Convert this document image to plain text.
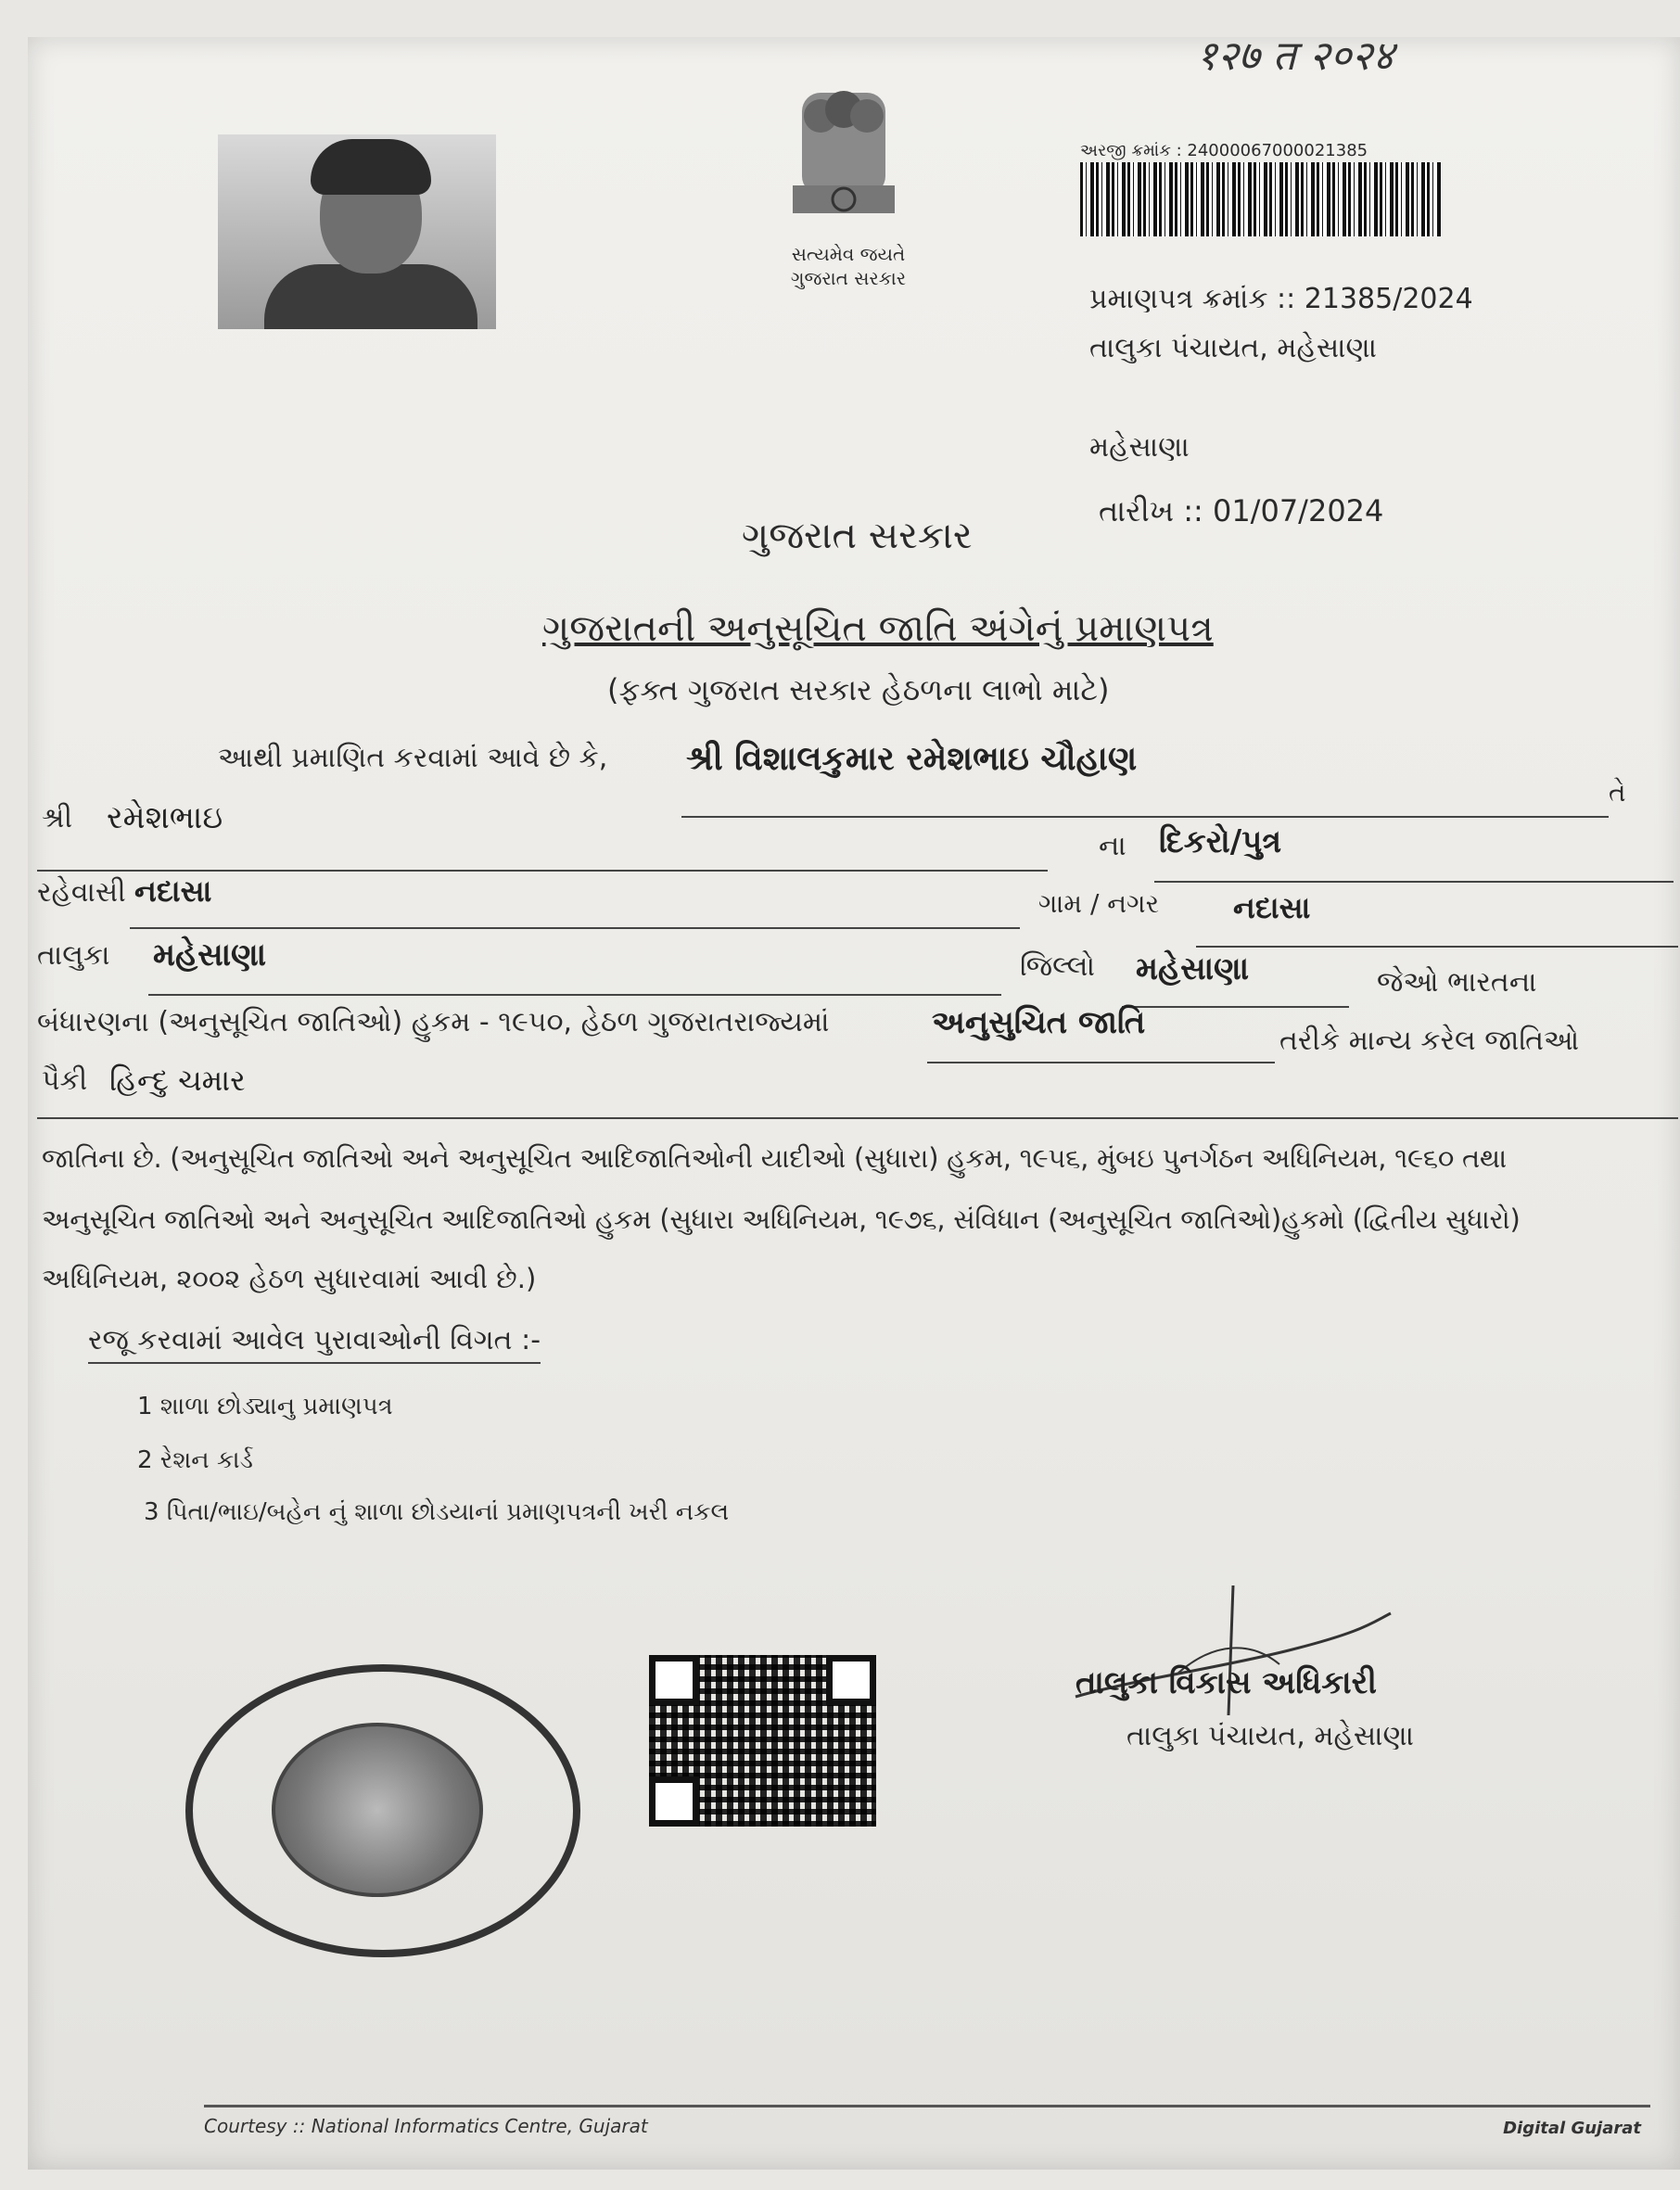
१२७ त २०२४
સત્યમેવ જયતે
ગુજરાત સરકાર
અરજી ક્રમાંક : 24000067000021385
પ્રમાણપત્ર ક્રમાંક :: 21385/2024
તાલુકા પંચાયત, મહેસાણા
મહેસાણા
તારીખ :: 01/07/2024
ગુજરાત સરકાર
ગુજરાતની અનુસૂચિત જાતિ અંગેનું પ્રમાણપત્ર
(ફક્ત ગુજરાત સરકાર હેઠળના લાભો માટે)
આથી પ્રમાણિત કરવામાં આવે છે કે, શ્રી વિશાલકુમાર રમેશભાઇ ચૌહાણ
તે
શ્રી રમેશભાઇ
ના દિકરો/પુત્ર
રહેવાસી નદાસા	ગામ / નગર નદાસા
તાલુકા મહેસાણા	જિલ્લો મહેસાણા	જેઓ ભારતના
બંધારણના (અનુસૂચિત જાતિઓ) હુકમ - ૧૯૫૦, હેઠળ ગુજરાતરાજ્યમાં	અનુસુચિત જાતિ	તરીકે માન્ય કરેલ જાતિઓ
પૈકી હિન્દુ ચમાર
જાતિના છે. (અનુસૂચિત જાતિઓ અને અનુસૂચિત આદિજાતિઓની યાદીઓ (સુધારા) હુકમ, ૧૯૫૬, મુંબઇ પુનર્ગઠન અધિનિયમ, ૧૯૬૦ તથા
અનુસૂચિત જાતિઓ અને અનુસૂચિત આદિજાતિઓ હુકમ (સુધારા અધિનિયમ, ૧૯૭૬, સંવિધાન (અનુસૂચિત જાતિઓ)હુકમો (દ્વિતીય સુધારો)
અધિનિયમ, ૨૦૦૨ હેઠળ સુધારવામાં આવી છે.)
રજૂ કરવામાં આવેલ પુરાવાઓની વિગત :-
1 શાળા છોડ્યાનુ પ્રમાણપત્ર
2 રેશન કાર્ડ
3 પિતા/ભાઇ/બહેન નું શાળા છોડયાનાં પ્રમાણપત્રની ખરી નકલ
તાલુકા વિકાસ અધિકારી
તાલુકા પંચાયત, મહેસાણા
Courtesy :: National Informatics Centre, Gujarat	Digital Gujarat
